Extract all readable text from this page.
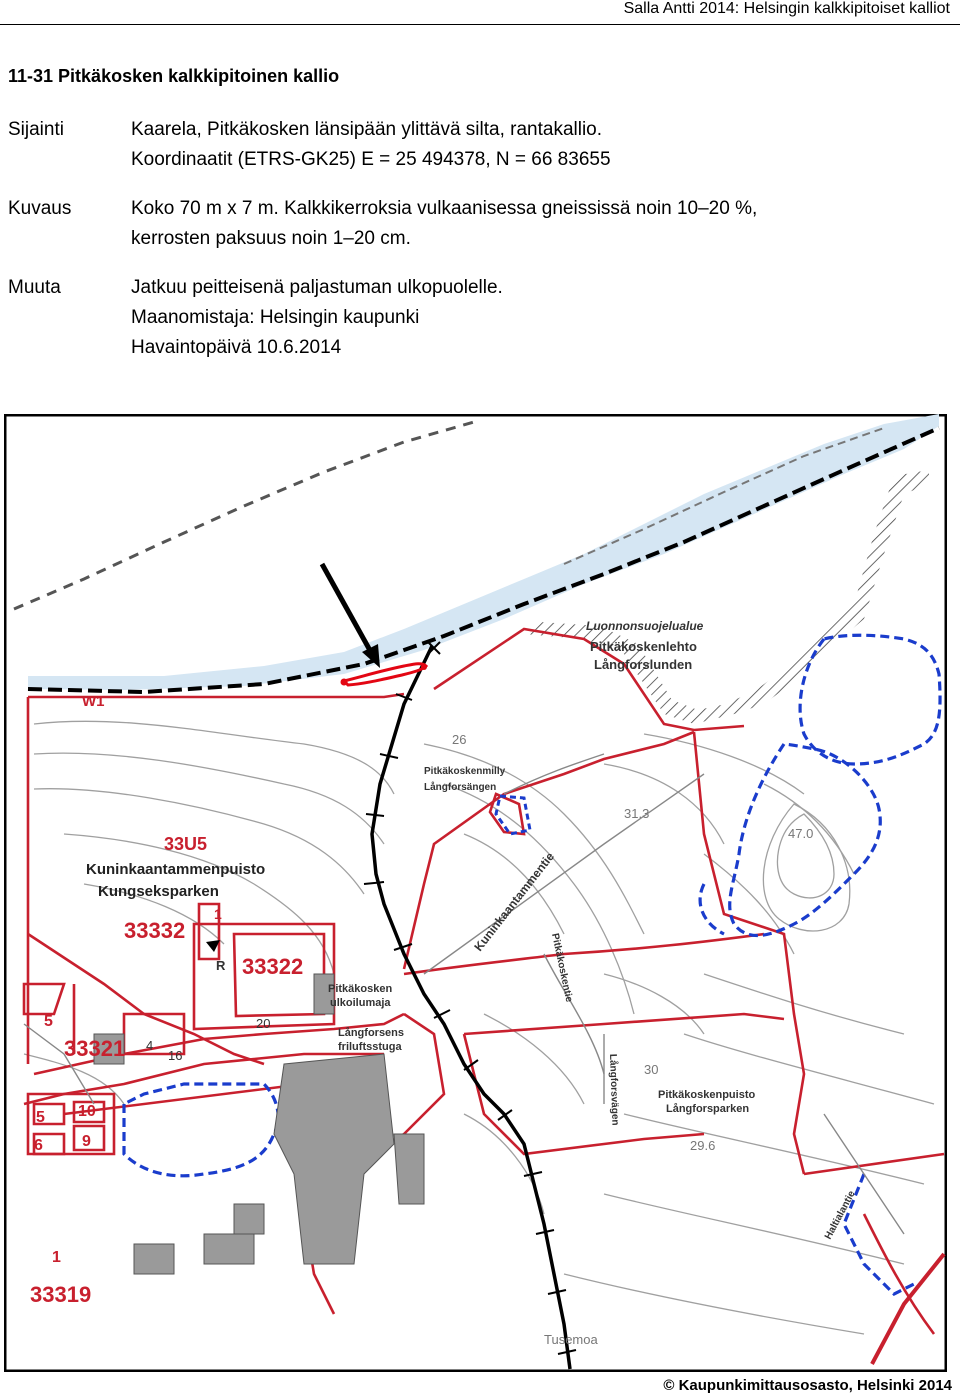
Salla Antti 2014: Helsingin kalkkipitoiset kalliot
11-31 Pitkäkosken kalkkipitoinen kallio
Sijainti	Kaarela, Pitkäkosken länsipään ylittävä silta, rantakallio.
Koordinaatit (ETRS-GK25) E = 25 494378, N = 66 83655
Kuvaus	Koko 70 m x 7 m. Kalkkikerroksia vulkaanisessa gneississä noin 10–20 %,
kerrosten paksuus noin 1–20 cm.
Muuta	Jatkuu peitteisenä paljastuman ulkopuolelle.
Maanomistaja: Helsingin kaupunki
Havaintopäivä 10.6.2014
W1
Luonnonsuojelualue
Pitkäkoskenlehto
Långforslunden
Pitkäkoskenmilly
Långforsängen
33U5
Kuninkaantammenpuisto
Kungseksparken
33332
33322
33321
33319
5
5 10
6 9
1
1
Pitkäkosken
ulkoilumaja
Långforsens
friluftsstuga
Kuninkaantammentie
Pitkäkoskenpuisto
Långforsparken
Pitkäkoskentie
Långforsvägen
Haltialantie
31.3
47.0
26
29.6
30
20
16
4
Tusemoa
R
© Kaupunkimittausosasto, Helsinki 2014
